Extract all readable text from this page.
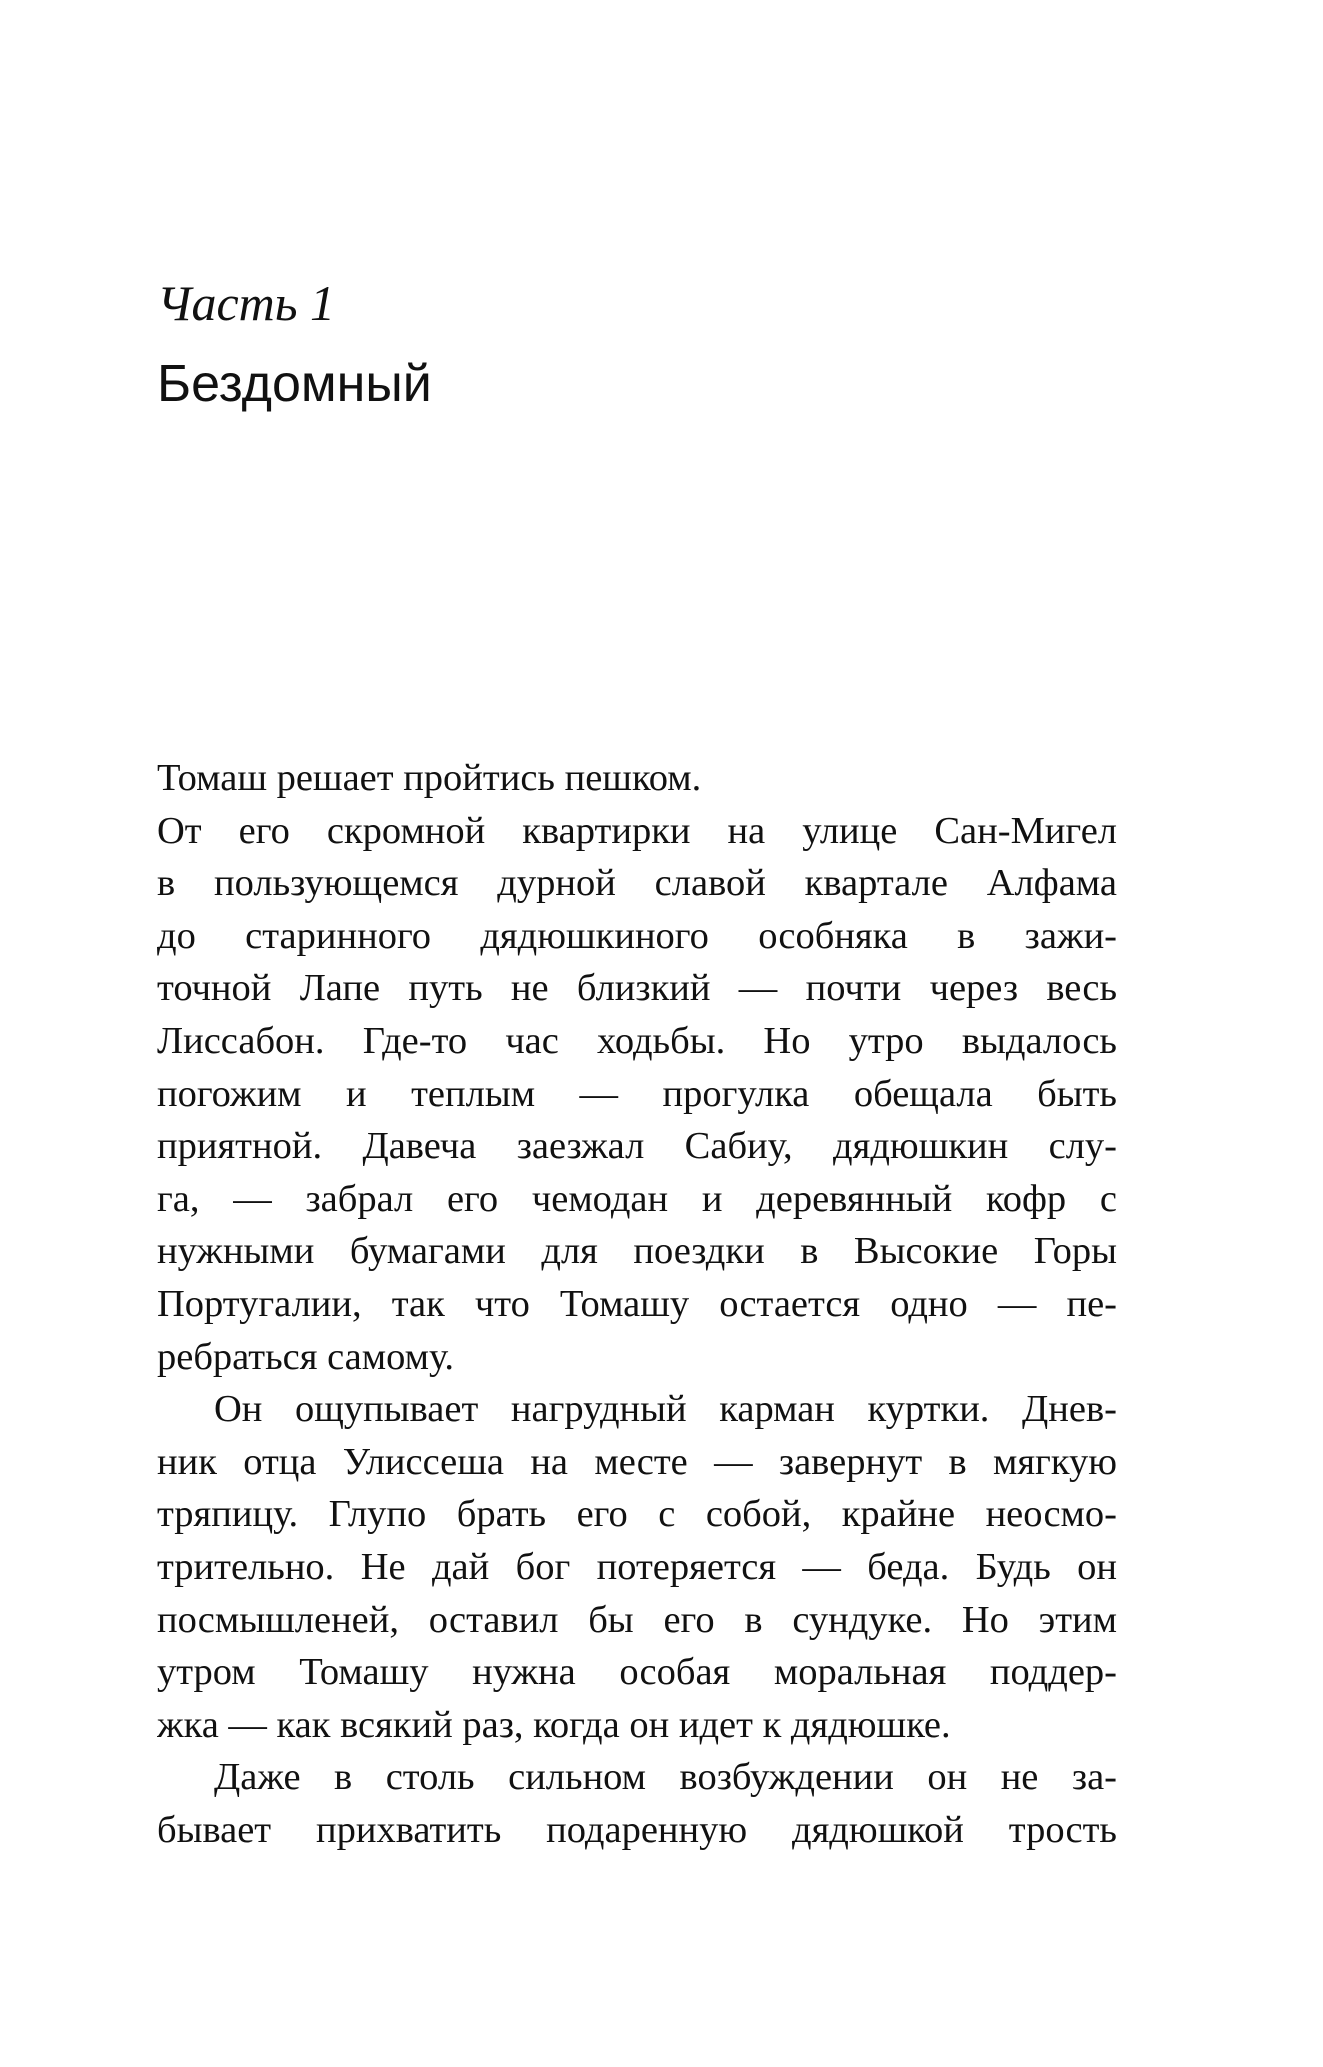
Часть 1
Бездомный
Томаш решает пройтись пешком.
От его скромной квартирки на улице Сан-Мигел
в пользующемся дурной славой квартале Алфама
до старинного дядюшкиного особняка в зажи-
точной Лапе путь не близкий — почти через весь
Лиссабон. Где-то час ходьбы. Но утро выдалось
погожим и теплым — прогулка обещала быть
приятной. Давеча заезжал Сабиу, дядюшкин слу-
га, — забрал его чемодан и деревянный кофр с
нужными бумагами для поездки в Высокие Горы
Португалии, так что Томашу остается одно — пе-
ребраться самому.
Он ощупывает нагрудный карман куртки. Днев-
ник отца Улиссеша на месте — завернут в мягкую
тряпицу. Глупо брать его с собой, крайне неосмо-
трительно. Не дай бог потеряется — беда. Будь он
посмышленей, оставил бы его в сундуке. Но этим
утром Томашу нужна особая моральная поддер-
жка — как всякий раз, когда он идет к дядюшке.
Даже в столь сильном возбуждении он не за-
бывает прихватить подаренную дядюшкой трость
